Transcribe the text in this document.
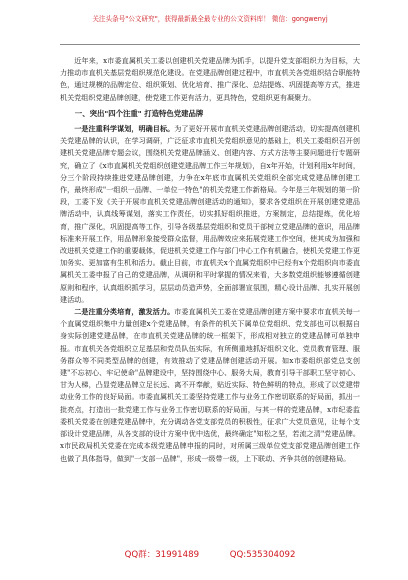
关注头条号"公文研究"，获得最新最全最专业的公文资料库！ 微信：gongwenyj

近年来，x市委直属机关工委以创建机关党建品牌为抓手，以提升党支部组织力为目标，大力推动市直机关基层党组织规范化建设。在党建品牌创建过程中，市直机关各党组织结合职能特色，通过规模的品牌定位、组织策划、优化培育、推广深化、总结提炼、巩固提高等方式，推进机关党组织党建品牌创建，使党建工作更有活力，更具特色，党组织更有凝聚力。

一、突出"四个注重" 打造特色党建品牌

一是注重科学谋划，明确目标。为了更好开展市直机关党建品牌创建活动，切实提高创建机关党建品牌的认识，在学习调研，广泛征求市直机关党组织意见的基础上，机关工委组织召开创建机关党建品牌专题会议，围绕机关党建品牌涵义、创建内容、方式方法等主要问题进行专题研究，确立了《x市直属机关党组织创建党建品牌工作三年规划》，自x年开始，计划利用x年时间，分三个阶段持续推进党建品牌创建，力争在x年底市直属机关党组织全部完成党建品牌创建工作，最终形成"一组织一品牌、一单位一特色"的机关党建工作新格局。今年是三年规划的第一阶段，工委下发《关于开展市直机关党建品牌创建活动的通知》，要求各党组织在开展创建党建品牌活动中，认真线筹谋划，落实工作责任，切实抓好组织推进，方案制定，总结提炼，优化培育，推广深化，巩固提高等工作，引导各级基层党组织和党员干部树立党建品牌的意识，用品牌标准来开展工作，用品牌形象接受群众监督，用品牌效应来拓展党建工作空间，使其成为加强和改进机关党建工作的重要载体，促进机关党建工作与部门中心工作有机融合，使机关党建工作更加务实、更加富有生机和活力。截止目前，市直机关x个直属党组织中已经有x个党组织向市委直属机关工委申报了自己的党建品牌，从调研和平时掌握的情况来看，大多数党组织能够遵循创建原则和程序，认真组织抓学习，层层动员造声势，全面部署宣氛围，精心设计品牌、扎实开展创建活动。

二是注重分类培育，激发活力。市委直属机关工委在党建品牌创建方案中要求市直机关每一个直属党组织集中力量创建x个党建品牌，有条件的机关下属单位党组织、党支部也可以根据自身实际创建党建品牌，在市直机关党建品牌的统一框架下，形成相对独立的党建品牌可单独申报。市直机关各党组织立足基层和党员队伍实际，有所侧重地抓好组织文化、党员教育管理、服务群众等不同类型品牌的创建，有效推动了党建品牌创建活动开展。如x市委组织部党总支创建"不忘初心、牢记使命"品牌建设中，坚持围绕中心、服务大局，教育引导干部职工坚守初心、甘为人梯，凸显党建品牌立足长远、离不开奉献，贴近实际、特色鲜明的特点，形成了以党建带动业务工作的良好局面。市委直属机关工委坚持党建工作与业务工作密切联系的好局面，抓出一批亮点，打造出一批党建工作与业务工作密切联系的好局面，与其一样的党建品牌，x市纪委监委机关党委在创建党建品牌中，充分调动各党支部党员的积极性，征求广大党员意见，让每个支部设计党建品牌，从各支部的设计方案中优中选优，最终确定"知松之坚，若流之清"党建品牌。x市民政局机关党委在完成本级党建品牌申报的同时，对所属三级单位党支部党建品牌创建工作也做了具体指导，做到"一支部一品牌"，形成一级带一级，上下联动、齐争共创的创建格局。

QQ群：31991489	QQ:535304092
